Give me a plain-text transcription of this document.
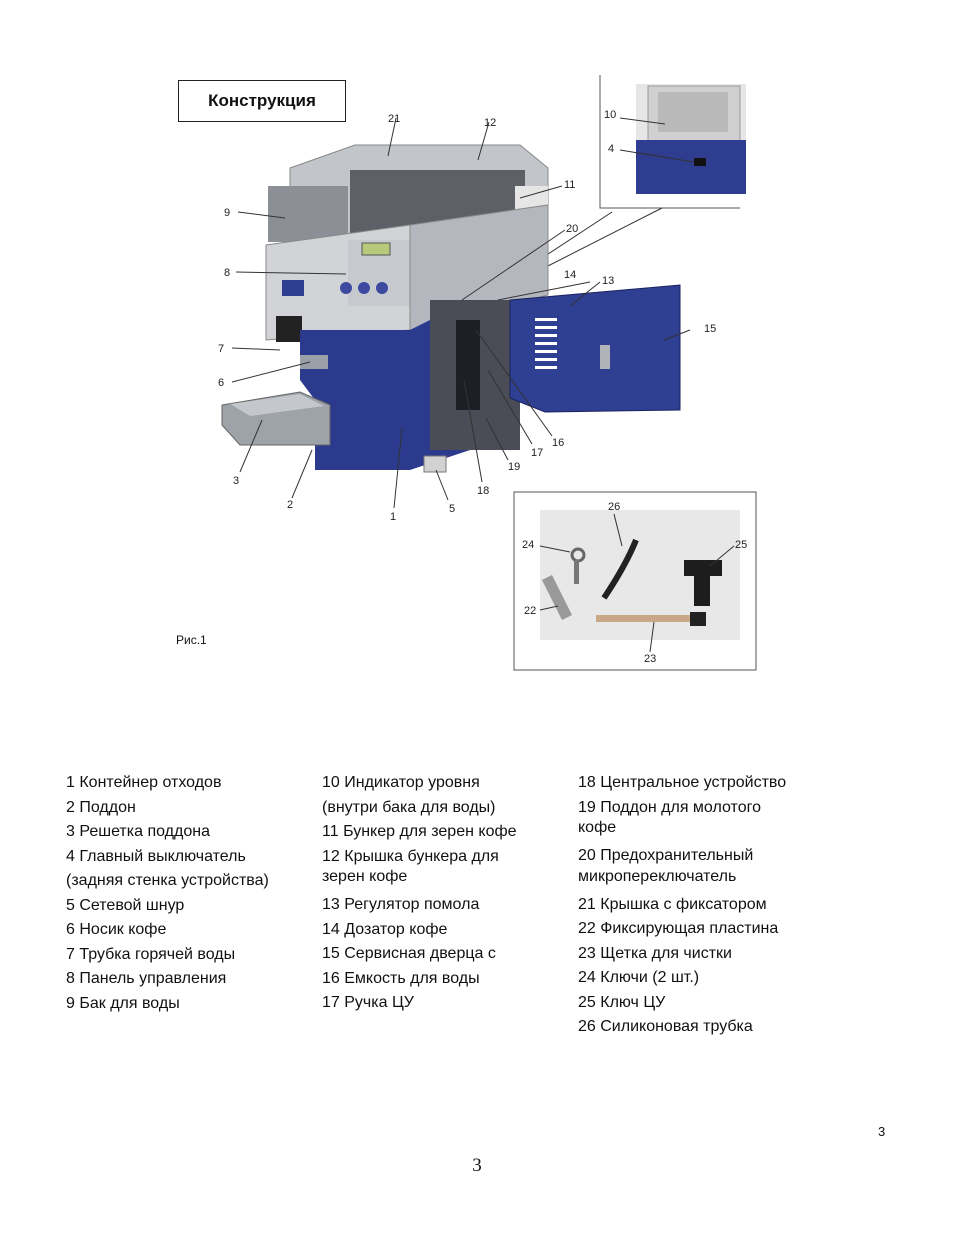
Конструкция
21	12
11
9
8
20
14 13
15
7
6
3
2
1
5
18
19
17
16
10
4
26
24	25
22
23
Рис.1
1 Контейнер отходов
2 Поддон
3 Решетка поддона
4 Главный выключатель
(задняя стенка устройства)
5 Сетевой шнур
6 Носик кофе
7 Трубка горячей воды
8 Панель управления
9 Бак для воды
10 Индикатор уровня
(внутри бака для воды)
11 Бункер для зерен кофе
12 Крышка бункера для
зерен кофе
13 Регулятор помола
14 Дозатор кофе
15 Сервисная дверца с
16 Емкость для воды
17 Ручка ЦУ
18 Центральное устройство
19 Поддон для молотого
кофе
20 Предохранительный
микропереключатель
21 Крышка с фиксатором
22 Фиксирующая пластина
23 Щетка для чистки
24 Ключи (2 шт.)
25 Ключ ЦУ
26 Силиконовая трубка
3
3
